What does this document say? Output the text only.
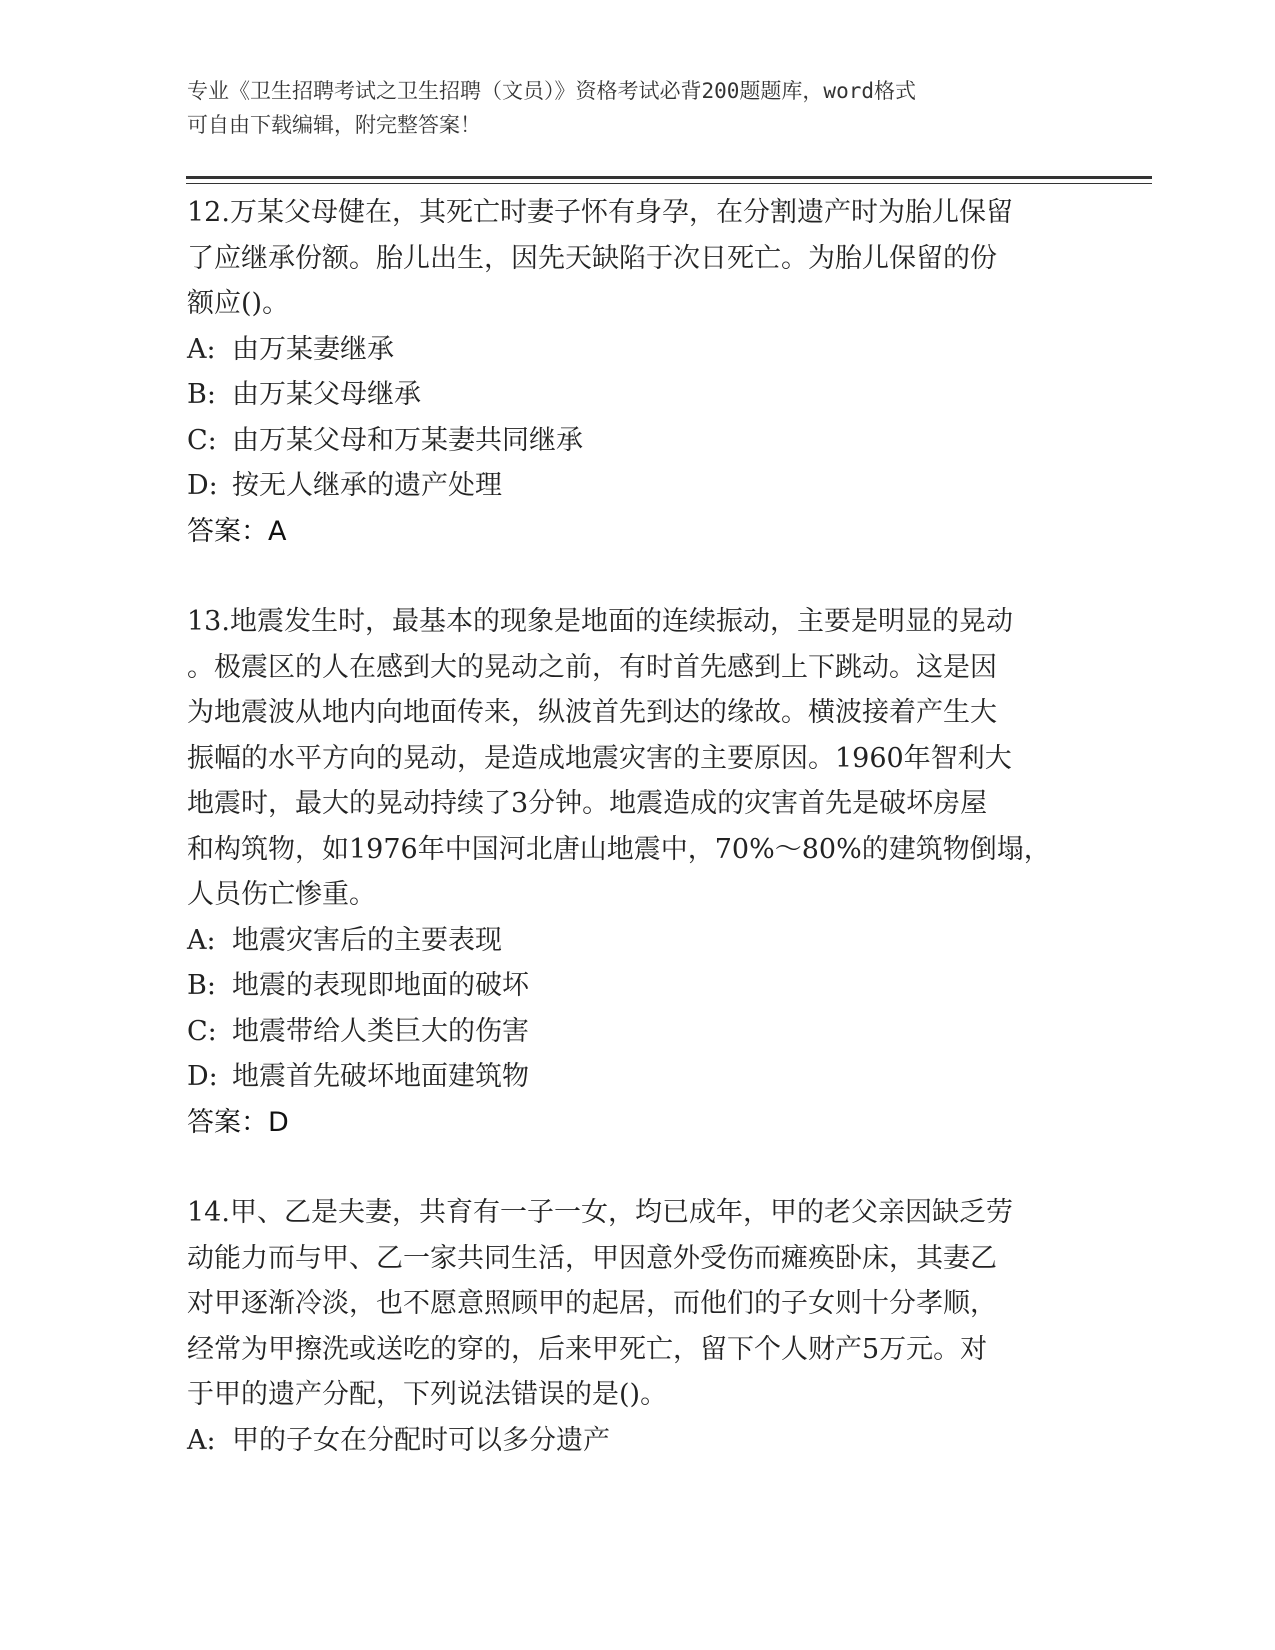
专业《卫生招聘考试之卫生招聘（文员）》资格考试必背200题题库，word格式
可自由下载编辑，附完整答案！
12.万某父母健在，其死亡时妻子怀有身孕，在分割遗产时为胎儿保留
了应继承份额。胎儿出生，因先天缺陷于次日死亡。为胎儿保留的份
额应()。
A: 由万某妻继承
B: 由万某父母继承
C: 由万某父母和万某妻共同继承
D: 按无人继承的遗产处理
答案：A
13.地震发生时，最基本的现象是地面的连续振动，主要是明显的晃动
。极震区的人在感到大的晃动之前，有时首先感到上下跳动。这是因
为地震波从地内向地面传来，纵波首先到达的缘故。横波接着产生大
振幅的水平方向的晃动，是造成地震灾害的主要原因。1960年智利大
地震时，最大的晃动持续了3分钟。地震造成的灾害首先是破坏房屋
和构筑物，如1976年中国河北唐山地震中，70%～80%的建筑物倒塌，
人员伤亡惨重。
A: 地震灾害后的主要表现
B: 地震的表现即地面的破坏
C: 地震带给人类巨大的伤害
D: 地震首先破坏地面建筑物
答案：D
14.甲、乙是夫妻，共育有一子一女，均已成年，甲的老父亲因缺乏劳
动能力而与甲、乙一家共同生活，甲因意外受伤而瘫痪卧床，其妻乙
对甲逐渐冷淡，也不愿意照顾甲的起居，而他们的子女则十分孝顺，
经常为甲擦洗或送吃的穿的，后来甲死亡，留下个人财产5万元。对
于甲的遗产分配，下列说法错误的是()。
A: 甲的子女在分配时可以多分遗产
